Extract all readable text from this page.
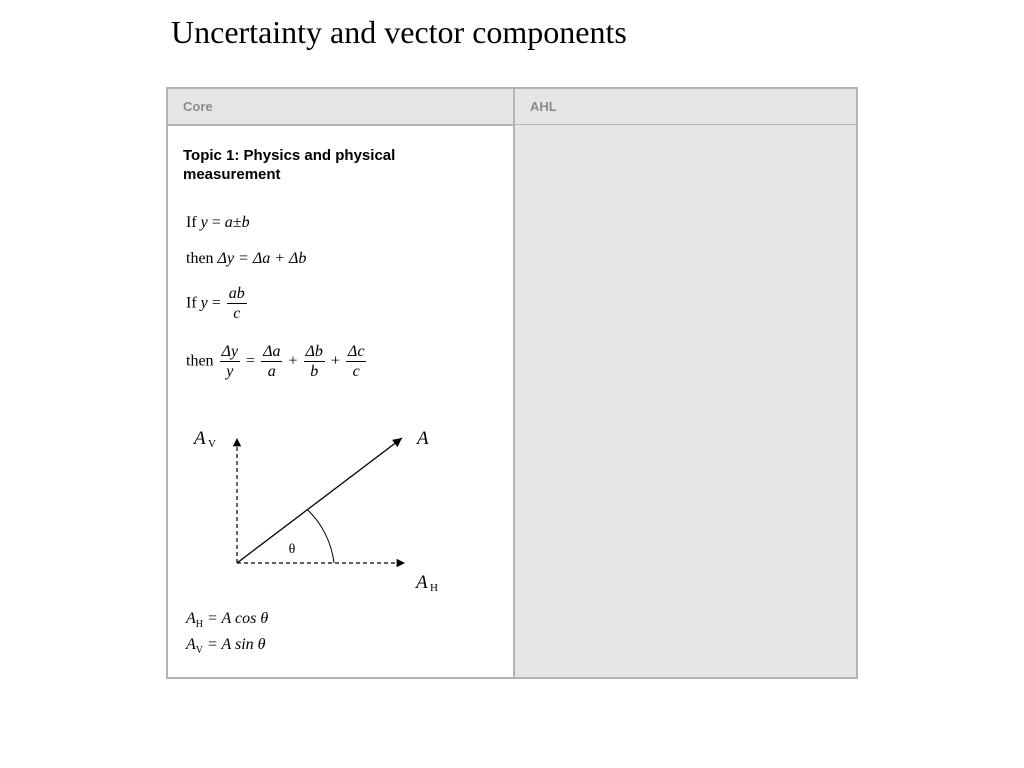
Uncertainty and vector components
Core	AHL
Topic 1: Physics and physical measurement
If y = a±b
then Δy = Δa + Δb
If $y = \frac{ab}{c}$
then $\frac{\Delta y}{y} = \frac{\Delta a}{a} + \frac{\Delta b}{b} + \frac{\Delta c}{c}$
θ
A
A V
A H
$A_H = A$ cos θ
$A_V = A$ sin θ
